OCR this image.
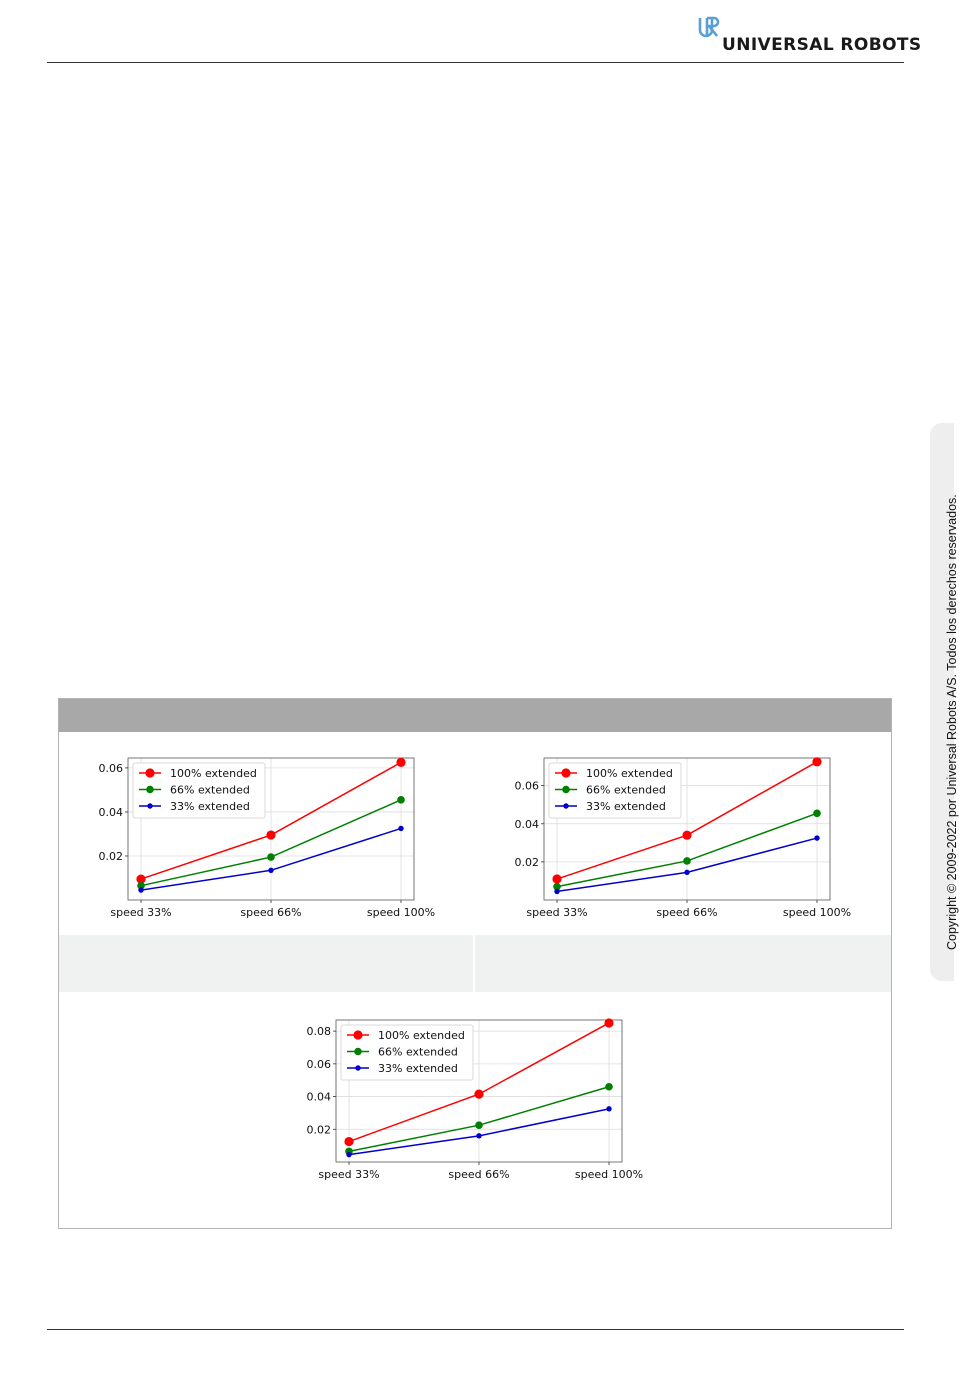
UNIVERSAL ROBOTS
Copyright © 2009-2022 por Universal Robots A/S. Todos los derechos reservados.
0.02
0.04
0.06
speed 33%	speed 66%	speed 100%
100% extended
66% extended
33% extended
0.02
0.04
0.06
speed 33%	speed 66%	speed 100%
100% extended
66% extended
33% extended
0.02
0.04
0.06
0.08
speed 33%	speed 66%	speed 100%
100% extended
66% extended
33% extended
